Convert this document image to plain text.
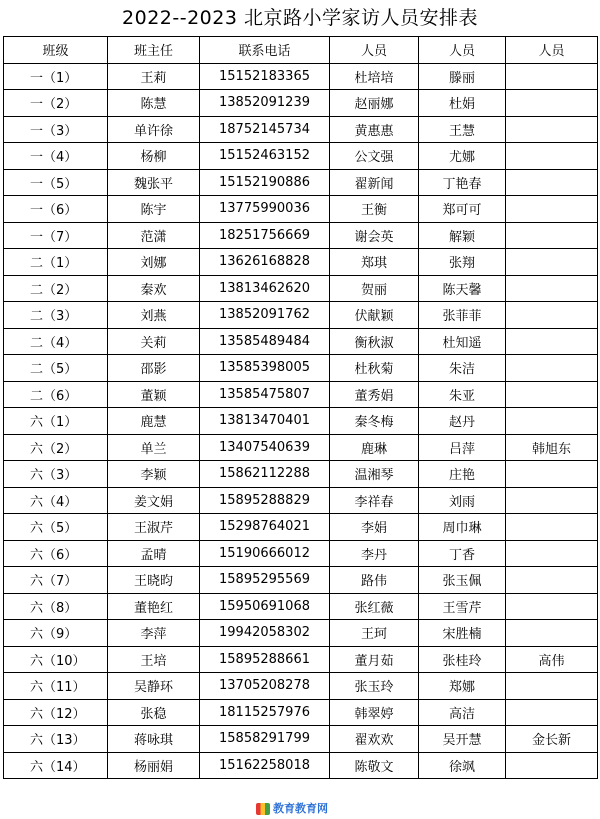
2022--2023 北京路小学家访人员安排表
班级	班主任	联系电话	人员	人员	人员
一（1）	王莉	15152183365	杜培培	滕丽	
一（2）	陈慧	13852091239	赵丽娜	杜娟	
一（3）	单许徐	18752145734	黄惠惠	王慧	
一（4）	杨柳	15152463152	公文强	尤娜	
一（5）	魏张平	15152190886	翟新闻	丁艳春	
一（6）	陈宇	13775990036	王衡	郑可可	
一（7）	范潇	18251756669	谢会英	解颖	
二（1）	刘娜	13626168828	郑琪	张翔	
二（2）	秦欢	13813462620	贺丽	陈天馨	
二（3）	刘燕	13852091762	伏献颖	张菲菲	
二（4）	关莉	13585489484	衡秋淑	杜知遥	
二（5）	邵影	13585398005	杜秋菊	朱洁	
二（6）	董颖	13585475807	董秀娟	朱亚	
六（1）	鹿慧	13813470401	秦冬梅	赵丹	
六（2）	单兰	13407540639	鹿琳	吕萍	韩旭东
六（3）	李颖	15862112288	温湘琴	庄艳	
六（4）	姜文娟	15895288829	李祥春	刘雨	
六（5）	王淑芹	15298764021	李娟	周巾琳	
六（6）	孟晴	15190666012	李丹	丁香	
六（7）	王晓昀	15895295569	路伟	张玉佩	
六（8）	董艳红	15950691068	张红薇	王雪芹	
六（9）	李萍	19942058302	王珂	宋胜楠	
六（10）	王培	15895288661	董月茹	张桂玲	高伟
六（11）	吴静环	13705208278	张玉玲	郑娜	
六（12）	张稳	18115257976	韩翠婷	高洁	
六（13）	蒋咏琪	15858291799	翟欢欢	吴开慧	金长新
六（14）	杨丽娟	15162258018	陈敬文	徐飒	
教育教育网
